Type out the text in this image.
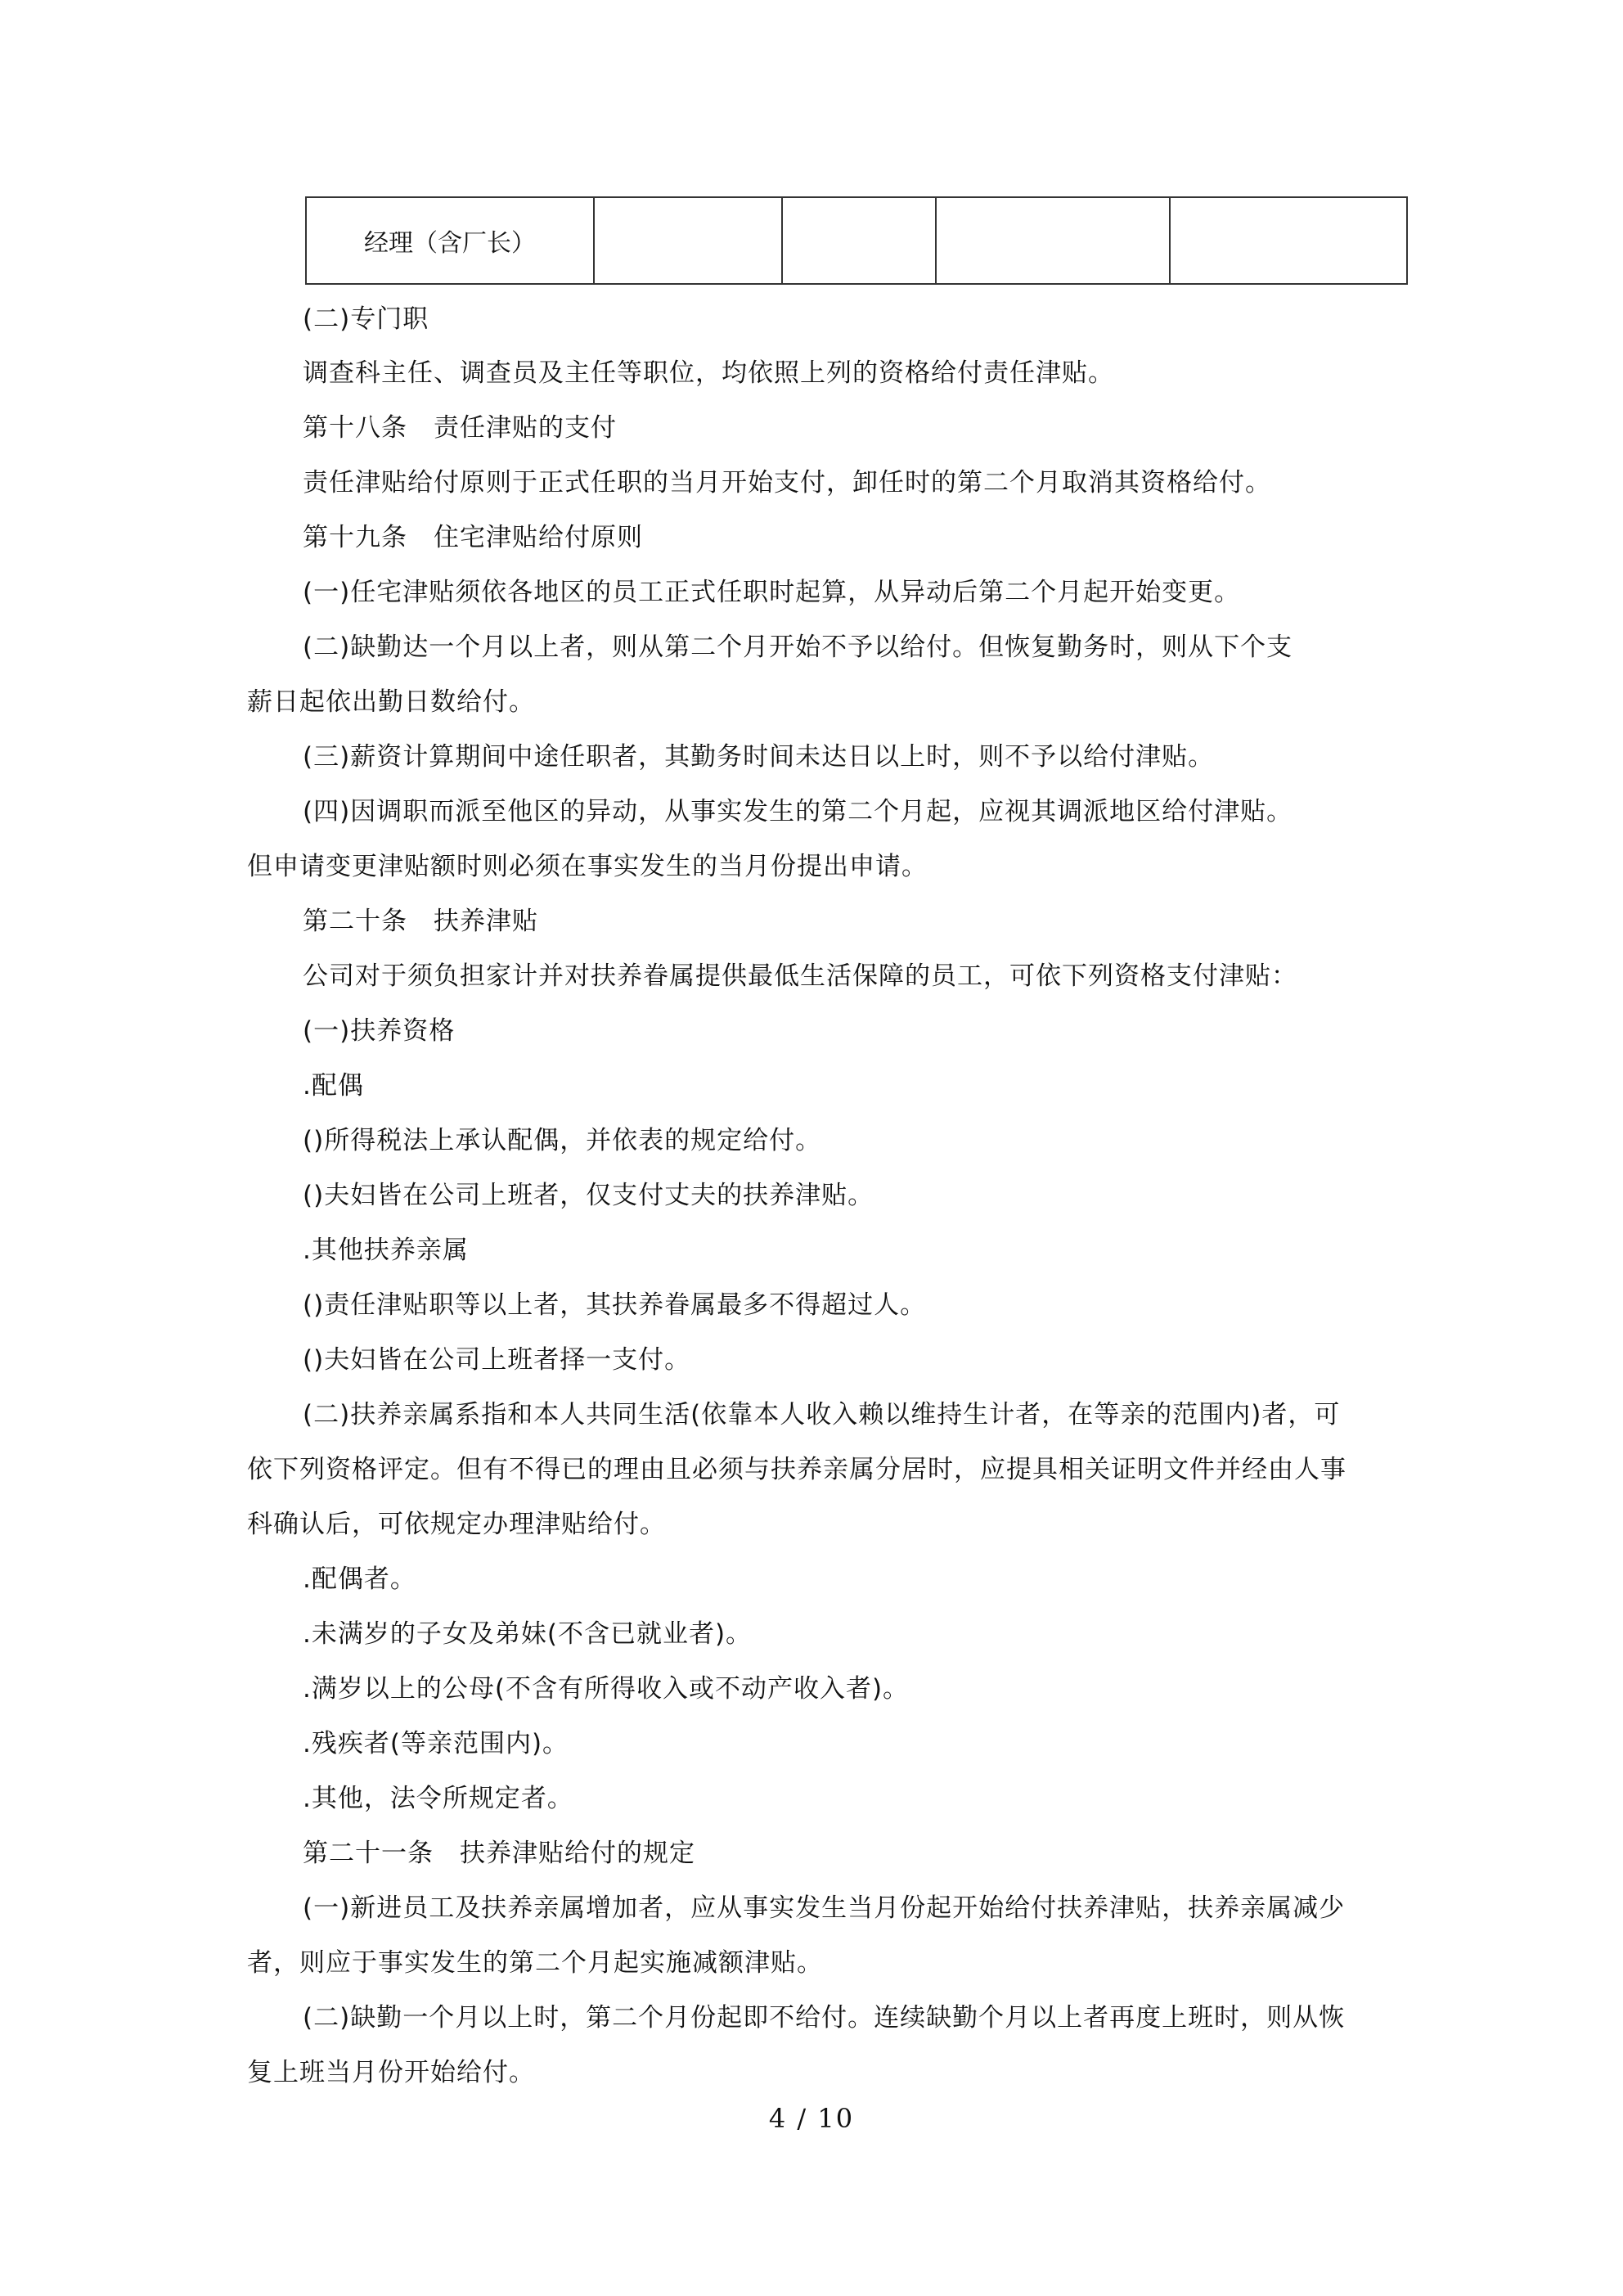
经理（含厂长）				
(二)专门职
调查科主任、调查员及主任等职位，均依照上列的资格给付责任津贴。
第十八条　责任津贴的支付
责任津贴给付原则于正式任职的当月开始支付，卸任时的第二个月取消其资格给付。
第十九条　住宅津贴给付原则
(一)任宅津贴须依各地区的员工正式任职时起算，从异动后第二个月起开始变更。
(二)缺勤达一个月以上者，则从第二个月开始不予以给付。但恢复勤务时，则从下个支
薪日起依出勤日数给付。
(三)薪资计算期间中途任职者，其勤务时间未达日以上时，则不予以给付津贴。
(四)因调职而派至他区的异动，从事实发生的第二个月起，应视其调派地区给付津贴。
但申请变更津贴额时则必须在事实发生的当月份提出申请。
第二十条　扶养津贴
公司对于须负担家计并对扶养眷属提供最低生活保障的员工，可依下列资格支付津贴：
(一)扶养资格
.配偶
()所得税法上承认配偶，并依表的规定给付。
()夫妇皆在公司上班者，仅支付丈夫的扶养津贴。
.其他扶养亲属
()责任津贴职等以上者，其扶养眷属最多不得超过人。
()夫妇皆在公司上班者择一支付。
(二)扶养亲属系指和本人共同生活(依靠本人收入赖以维持生计者，在等亲的范围内)者，可
依下列资格评定。但有不得已的理由且必须与扶养亲属分居时，应提具相关证明文件并经由人事
科确认后，可依规定办理津贴给付。
.配偶者。
.未满岁的子女及弟妹(不含已就业者)。
.满岁以上的公母(不含有所得收入或不动产收入者)。
.残疾者(等亲范围内)。
.其他，法令所规定者。
第二十一条　扶养津贴给付的规定
(一)新进员工及扶养亲属增加者，应从事实发生当月份起开始给付扶养津贴，扶养亲属减少
者，则应于事实发生的第二个月起实施减额津贴。
(二)缺勤一个月以上时，第二个月份起即不给付。连续缺勤个月以上者再度上班时，则从恢
复上班当月份开始给付。
4 / 10
